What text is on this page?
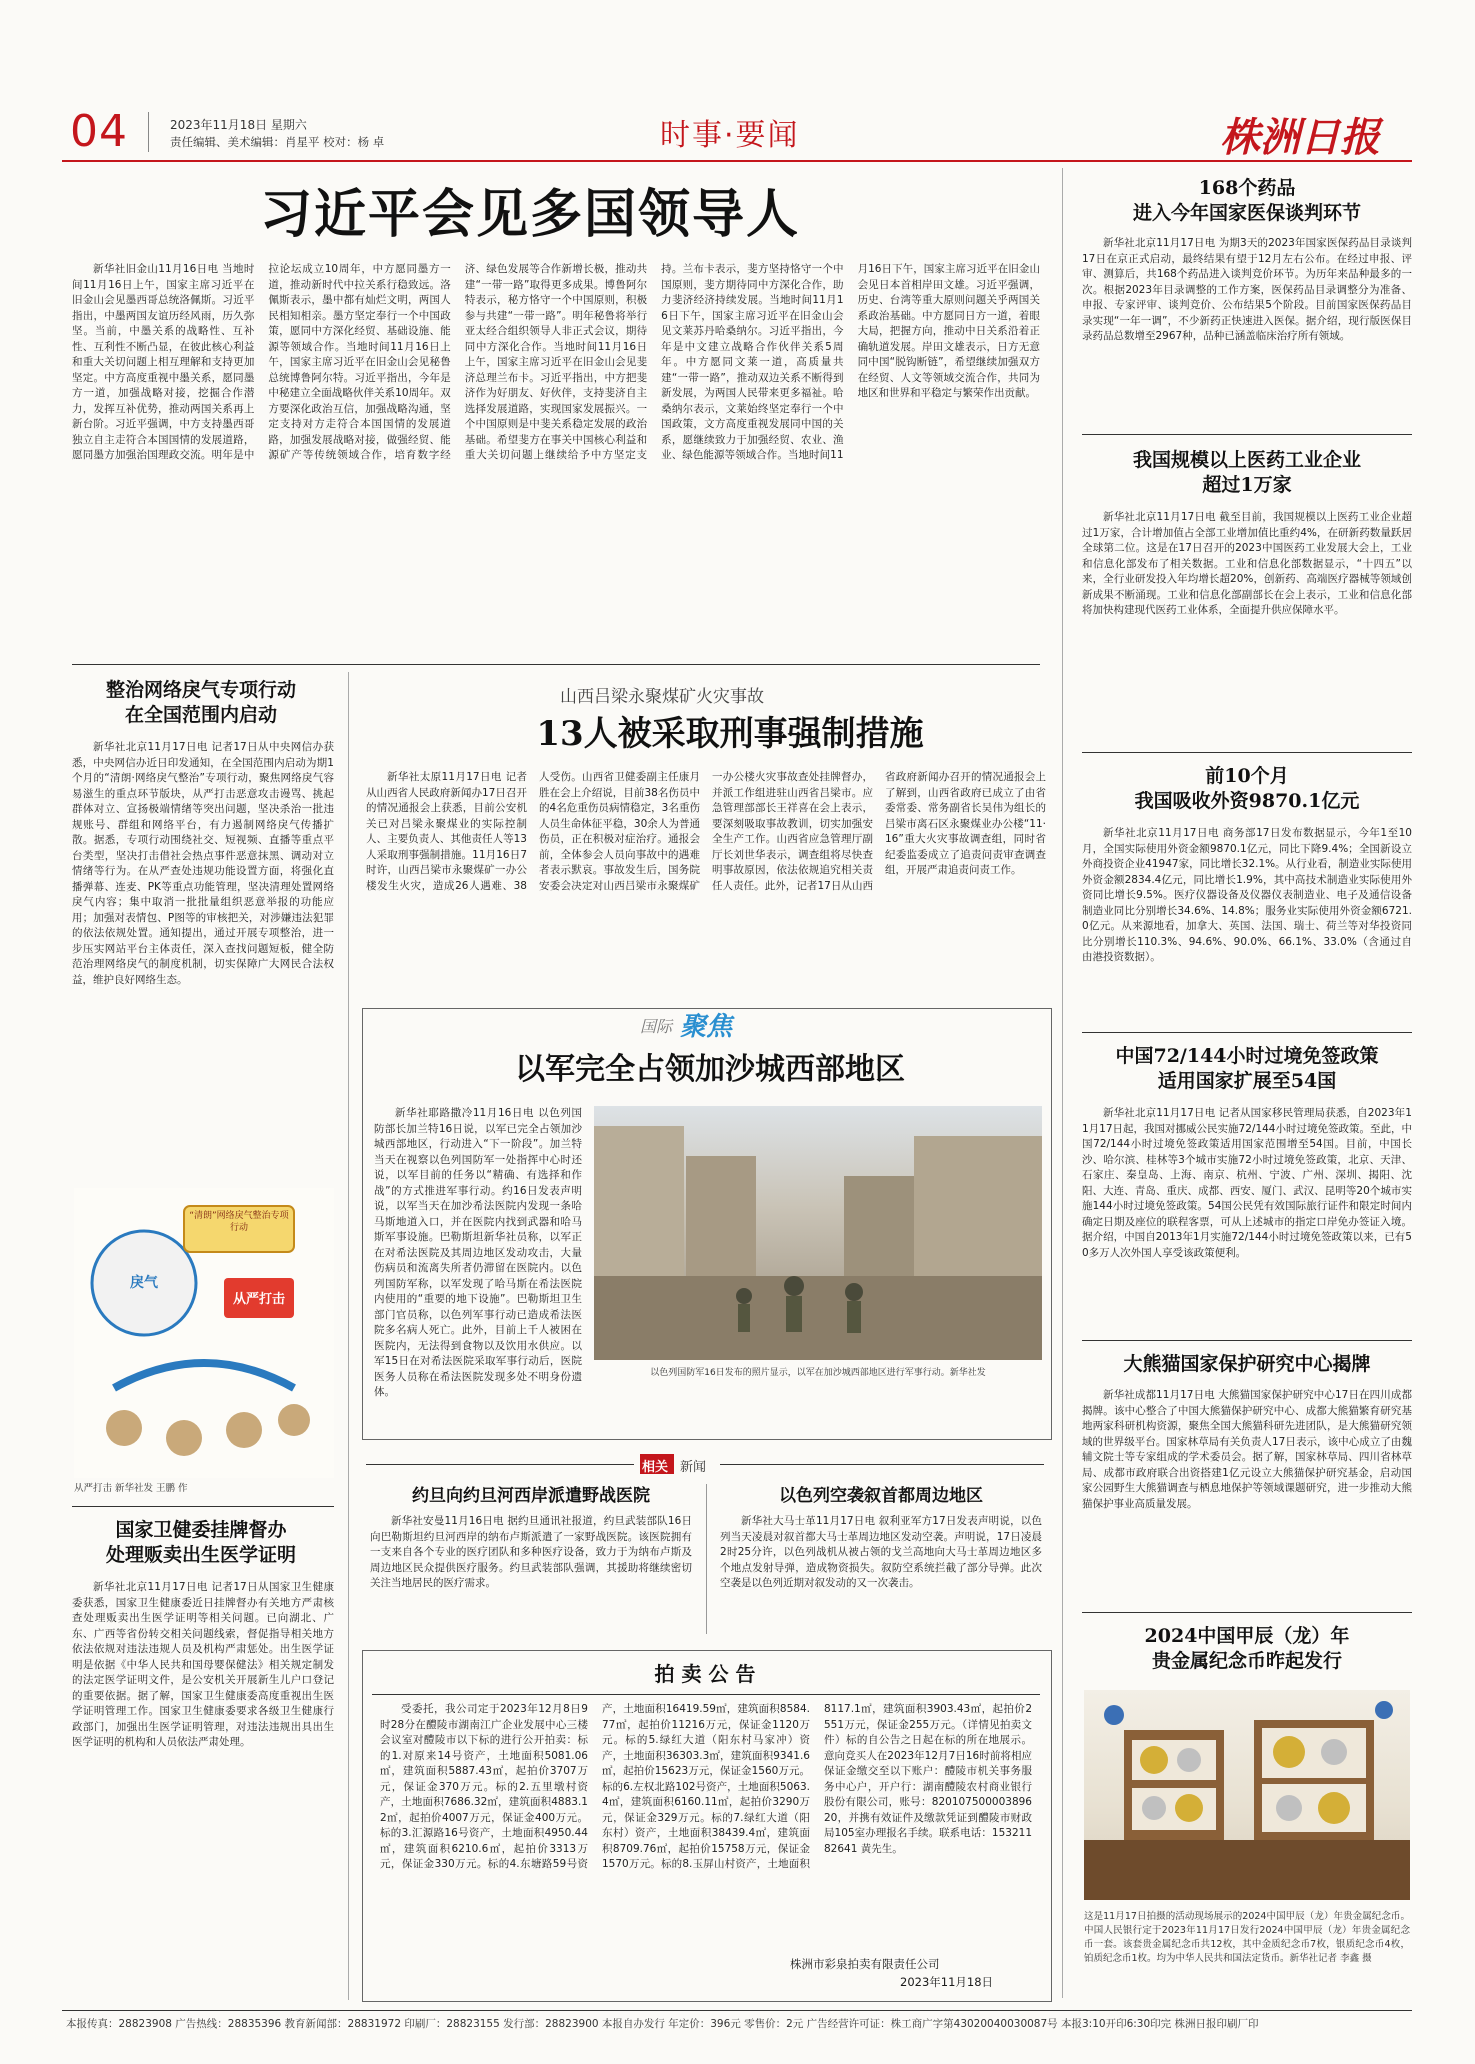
04	2023年11月18日 星期六
责任编辑、美术编辑：肖星平 校对：杨 卓	时事·要闻	株洲日报
习近平会见多国领导人

新华社旧金山11月16日电 当地时间11月16日上午，国家主席习近平在旧金山会见墨西哥总统洛佩斯。习近平指出，中墨两国友谊历经风雨，历久弥坚。当前，中墨关系的战略性、互补性、互利性不断凸显，在彼此核心利益和重大关切问题上相互理解和支持更加坚定。中方高度重视中墨关系，愿同墨方一道，加强战略对接，挖掘合作潜力，发挥互补优势，推动两国关系再上新台阶。习近平强调，中方支持墨西哥独立自主走符合本国国情的发展道路，愿同墨方加强治国理政交流。明年是中拉论坛成立10周年，中方愿同墨方一道，推动新时代中拉关系行稳致远。洛佩斯表示，墨中都有灿烂文明，两国人民相知相亲。墨方坚定奉行一个中国政策，愿同中方深化经贸、基础设施、能源等领域合作。当地时间11月16日上午，国家主席习近平在旧金山会见秘鲁总统博鲁阿尔特。习近平指出，今年是中秘建立全面战略伙伴关系10周年。双方要深化政治互信，加强战略沟通，坚定支持对方走符合本国国情的发展道路，加强发展战略对接，做强经贸、能源矿产等传统领域合作，培育数字经济、绿色发展等合作新增长极，推动共建“一带一路”取得更多成果。博鲁阿尔特表示，秘方恪守一个中国原则，积极参与共建“一带一路”。明年秘鲁将举行亚太经合组织领导人非正式会议，期待同中方深化合作。当地时间11月16日上午，国家主席习近平在旧金山会见斐济总理兰布卡。习近平指出，中方把斐济作为好朋友、好伙伴，支持斐济自主选择发展道路，实现国家发展振兴。一个中国原则是中斐关系稳定发展的政治基础。希望斐方在事关中国核心利益和重大关切问题上继续给予中方坚定支持。兰布卡表示，斐方坚持恪守一个中国原则，斐方期待同中方深化合作，助力斐济经济持续发展。当地时间11月16日下午，国家主席习近平在旧金山会见文莱苏丹哈桑纳尔。习近平指出，今年是中文建立战略合作伙伴关系5周年。中方愿同文莱一道，高质量共建“一带一路”，推动双边关系不断得到新发展，为两国人民带来更多福祉。哈桑纳尔表示，文莱始终坚定奉行一个中国政策，文方高度重视发展同中国的关系，愿继续致力于加强经贸、农业、渔业、绿色能源等领域合作。当地时间11月16日下午，国家主席习近平在旧金山会见日本首相岸田文雄。习近平强调，历史、台湾等重大原则问题关乎两国关系政治基础。中方愿同日方一道，着眼大局，把握方向，推动中日关系沿着正确轨道发展。岸田文雄表示，日方无意同中国“脱钩断链”，希望继续加强双方在经贸、人文等领域交流合作，共同为地区和世界和平稳定与繁荣作出贡献。

168个药品
进入今年国家医保谈判环节

新华社北京11月17日电 为期3天的2023年国家医保药品目录谈判17日在京正式启动，最终结果有望于12月左右公布。在经过申报、评审、测算后，共168个药品进入谈判竞价环节。为历年来品种最多的一次。根据2023年目录调整的工作方案，医保药品目录调整分为准备、申报、专家评审、谈判竞价、公布结果5个阶段。目前国家医保药品目录实现“一年一调”，不少新药正快速进入医保。据介绍，现行版医保目录药品总数增至2967种，品种已涵盖临床治疗所有领域。

我国规模以上医药工业企业
超过1万家

新华社北京11月17日电 截至目前，我国规模以上医药工业企业超过1万家，合计增加值占全部工业增加值比重约4%，在研新药数量跃居全球第二位。这是在17日召开的2023中国医药工业发展大会上，工业和信息化部发布了相关数据。工业和信息化部数据显示，“十四五”以来，全行业研发投入年均增长超20%，创新药、高端医疗器械等领域创新成果不断涌现。工业和信息化部副部长在会上表示，工业和信息化部将加快构建现代医药工业体系，全面提升供应保障水平。

前10个月
我国吸收外资9870.1亿元

新华社北京11月17日电 商务部17日发布数据显示，今年1至10月，全国实际使用外资金额9870.1亿元，同比下降9.4%；全国新设立外商投资企业41947家，同比增长32.1%。从行业看，制造业实际使用外资金额2834.4亿元，同比增长1.9%，其中高技术制造业实际使用外资同比增长9.5%。医疗仪器设备及仪器仪表制造业、电子及通信设备制造业同比分别增长34.6%、14.8%；服务业实际使用外资金额6721.0亿元。从来源地看，加拿大、英国、法国、瑞士、荷兰等对华投资同比分别增长110.3%、94.6%、90.0%、66.1%、33.0%（含通过自由港投资数据）。

中国72/144小时过境免签政策
适用国家扩展至54国

新华社北京11月17日电 记者从国家移民管理局获悉，自2023年11月17日起，我国对挪威公民实施72/144小时过境免签政策。至此，中国72/144小时过境免签政策适用国家范围增至54国。目前，中国长沙、哈尔滨、桂林等3个城市实施72小时过境免签政策，北京、天津、石家庄、秦皇岛、上海、南京、杭州、宁波、广州、深圳、揭阳、沈阳、大连、青岛、重庆、成都、西安、厦门、武汉、昆明等20个城市实施144小时过境免签政策。54国公民凭有效国际旅行证件和限定时间内确定日期及座位的联程客票，可从上述城市的指定口岸免办签证入境。据介绍，中国自2013年1月实施72/144小时过境免签政策以来，已有50多万人次外国人享受该政策便利。

大熊猫国家保护研究中心揭牌

新华社成都11月17日电 大熊猫国家保护研究中心17日在四川成都揭牌。该中心整合了中国大熊猫保护研究中心、成都大熊猫繁育研究基地两家科研机构资源，聚焦全国大熊猫科研先进团队，是大熊猫研究领域的世界级平台。国家林草局有关负责人17日表示，该中心成立了由魏辅文院士等专家组成的学术委员会。据了解，国家林草局、四川省林草局、成都市政府联合出资搭建1亿元设立大熊猫保护研究基金，启动国家公园野生大熊猫调查与栖息地保护等领域课题研究，进一步推动大熊猫保护事业高质量发展。

2024中国甲辰（龙）年
贵金属纪念币昨起发行
这是11月17日拍摄的活动现场展示的2024中国甲辰（龙）年贵金属纪念币。中国人民银行定于2023年11月17日发行2024中国甲辰（龙）年贵金属纪念币一套。该套贵金属纪念币共12枚，其中金质纪念币7枚，银质纪念币4枚，铂质纪念币1枚。均为中华人民共和国法定货币。新华社记者 李鑫 摄
整治网络戾气专项行动
在全国范围内启动

新华社北京11月17日电 记者17日从中央网信办获悉，中央网信办近日印发通知，在全国范围内启动为期1个月的“清朗·网络戾气整治”专项行动，聚焦网络戾气容易滋生的重点环节版块，从严打击恶意攻击谩骂、挑起群体对立、宣扬极端情绪等突出问题，坚决杀治一批违规账号、群组和网络平台，有力遏制网络戾气传播扩散。据悉，专项行动围绕社交、短视频、直播等重点平台类型，坚决打击借社会热点事件恶意抹黑、调动对立情绪等行为。在从严查处违规功能设置方面，将强化直播弹幕、连麦、PK等重点功能管理，坚决清理处置网络戾气内容；集中取消一批批量组织恶意举报的功能应用；加强对表情包、P图等的审核把关，对涉嫌违法犯罪的依法依规处置。通知提出，通过开展专项整治，进一步压实网站平台主体责任，深入查找问题短板，健全防范治理网络戾气的制度机制，切实保障广大网民合法权益，维护良好网络生态。

“清朗”网络戾气整治专项行动
从严打击
戾气
从严打击 新华社发 王鹏 作
国家卫健委挂牌督办
处理贩卖出生医学证明

新华社北京11月17日电 记者17日从国家卫生健康委获悉，国家卫生健康委近日挂牌督办有关地方严肃核查处理贩卖出生医学证明等相关问题。已向湖北、广东、广西等省份转交相关问题线索，督促指导相关地方依法依规对违法违规人员及机构严肃惩处。出生医学证明是依据《中华人民共和国母婴保健法》相关规定制发的法定医学证明文件，是公安机关开展新生儿户口登记的重要依据。据了解，国家卫生健康委高度重视出生医学证明管理工作。国家卫生健康委要求各级卫生健康行政部门，加强出生医学证明管理，对违法违规出具出生医学证明的机构和人员依法严肃处理。

山西吕梁永聚煤矿火灾事故
13人被采取刑事强制措施

新华社太原11月17日电 记者从山西省人民政府新闻办17日召开的情况通报会上获悉，目前公安机关已对吕梁永聚煤业的实际控制人、主要负责人、其他责任人等13人采取刑事强制措施。11月16日7时许，山西吕梁市永聚煤矿一办公楼发生火灾，造成26人遇难、38人受伤。山西省卫健委副主任康月胜在会上介绍说，目前38名伤员中的4名危重伤员病情稳定，3名重伤人员生命体征平稳，30余人为普通伤员，正在积极对症治疗。通报会前，全体参会人员向事故中的遇难者表示默哀。事故发生后，国务院安委会决定对山西吕梁市永聚煤矿一办公楼火灾事故查处挂牌督办，并派工作组进驻山西省吕梁市。应急管理部部长王祥喜在会上表示，要深刻吸取事故教训，切实加强安全生产工作。山西省应急管理厅副厅长刘世华表示，调查组将尽快查明事故原因，依法依规追究相关责任人责任。此外，记者17日从山西省政府新闻办召开的情况通报会上了解到，山西省政府已成立了由省委常委、常务副省长吴伟为组长的吕梁市离石区永聚煤业办公楼“11·16”重大火灾事故调查组，同时省纪委监委成立了追责问责审查调查组，开展严肃追责问责工作。

国际 聚焦
以军完全占领加沙城西部地区

新华社耶路撒冷11月16日电 以色列国防部长加兰特16日说，以军已完全占领加沙城西部地区，行动进入“下一阶段”。加兰特当天在视察以色列国防军一处指挥中心时还说，以军目前的任务以“精确、有选择和作战”的方式推进军事行动。约16日发表声明说，以军当天在加沙希法医院内发现一条哈马斯地道入口，并在医院内找到武器和哈马斯军事设施。巴勒斯坦新华社员称，以军正在对希法医院及其周边地区发动攻击，大量伤病员和流离失所者仍滞留在医院内。以色列国防军称，以军发现了哈马斯在希法医院内使用的“重要的地下设施”。巴勒斯坦卫生部门官员称，以色列军事行动已造成希法医院多名病人死亡。此外，目前上千人被困在医院内，无法得到食物以及饮用水供应。以军15日在对希法医院采取军事行动后，医院医务人员称在希法医院发现多处不明身份遗体。

以色列国防军16日发布的照片显示，以军在加沙城西部地区进行军事行动。新华社发
相关 新闻
约旦向约旦河西岸派遣野战医院

新华社安曼11月16日电 据约旦通讯社报道，约旦武装部队16日向巴勒斯坦约旦河西岸的纳布卢斯派遣了一家野战医院。该医院拥有一支来自各个专业的医疗团队和多种医疗设备，致力于为纳布卢斯及周边地区民众提供医疗服务。约旦武装部队强调，其援助将继续密切关注当地居民的医疗需求。

以色列空袭叙首都周边地区

新华社大马士革11月17日电 叙利亚军方17日发表声明说，以色列当天凌晨对叙首都大马士革周边地区发动空袭。声明说，17日凌晨2时25分许，以色列战机从被占领的戈兰高地向大马士革周边地区多个地点发射导弹，造成物资损失。叙防空系统拦截了部分导弹。此次空袭是以色列近期对叙发动的又一次袭击。

拍 卖 公 告

受委托，我公司定于2023年12月8日9时28分在醴陵市湖南江广企业发展中心三楼会议室对醴陵市以下标的进行公开拍卖：标的1.对原来14号资产，土地面积5081.06㎡，建筑面积5887.43㎡，起拍价3707万元，保证金370万元。标的2.五里墩村资产，土地面积7686.32㎡，建筑面积4883.12㎡，起拍价4007万元，保证金400万元。标的3.汇源路16号资产，土地面积4950.44㎡，建筑面积6210.6㎡，起拍价3313万元，保证金330万元。标的4.东塘路59号资产，土地面积16419.59㎡，建筑面积8584.77㎡，起拍价11216万元，保证金1120万元。标的5.绿红大道（阳东村马家冲）资产，土地面积36303.3㎡，建筑面积9341.6㎡，起拍价15623万元，保证金1560万元。标的6.左权北路102号资产，土地面积5063.4㎡，建筑面积6160.11㎡，起拍价3290万元，保证金329万元。标的7.绿红大道（阳东村）资产，土地面积38439.4㎡，建筑面积8709.76㎡，起拍价15758万元，保证金1570万元。标的8.玉屏山村资产，土地面积8117.1㎡，建筑面积3903.43㎡，起拍价2551万元，保证金255万元。（详情见拍卖文件）标的自公告之日起在标的所在地展示。意向竞买人在2023年12月7日16时前将相应保证金缴交至以下账户：醴陵市机关事务服务中心户，开户行：湖南醴陵农村商业银行股份有限公司，账号：82010750000389620，并携有效证件及缴款凭证到醴陵市财政局105室办理报名手续。联系电话：15321182641 黄先生。

株洲市彩泉拍卖有限责任公司
2023年11月18日
本报传真：28823908 广告热线：28835396 教育新闻部：28831972 印刷厂：28823155 发行部：28823900 本报自办发行 年定价：396元 零售价：2元 广告经营许可证：株工商广字第43020040030087号 本报3:10开印6:30印完 株洲日报印刷厂印
